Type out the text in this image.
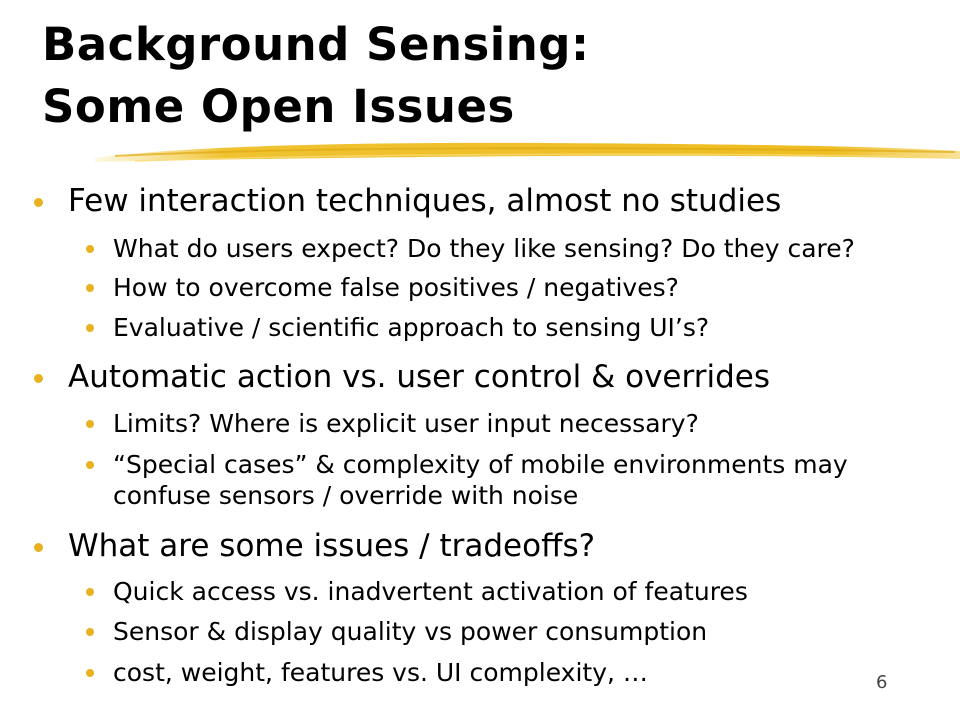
Background Sensing:
Some Open Issues
Few interaction techniques, almost no studies
What do users expect? Do they like sensing? Do they care?
How to overcome false positives / negatives?
Evaluative / scientific approach to sensing UI’s?
Automatic action vs. user control & overrides
Limits? Where is explicit user input necessary?
“Special cases” & complexity of mobile environments may
confuse sensors / override with noise
What are some issues / tradeoffs?
Quick access vs. inadvertent activation of features
Sensor & display quality vs power consumption
cost, weight, features vs. UI complexity, …	6
